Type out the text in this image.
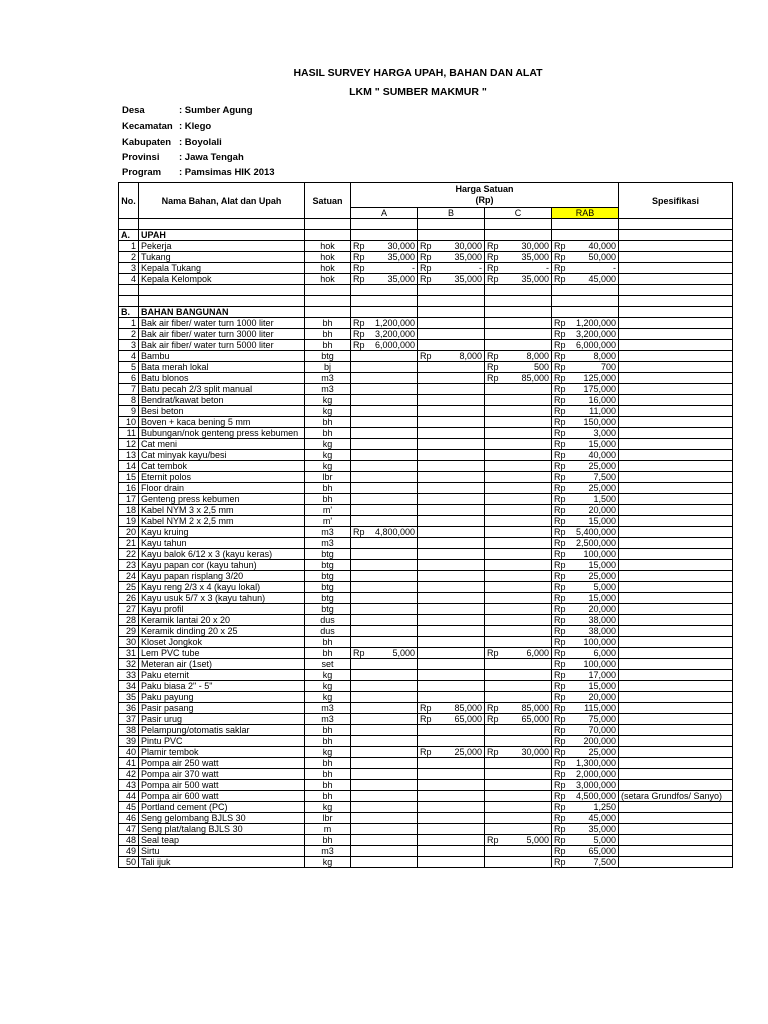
HASIL SURVEY HARGA UPAH, BAHAN DAN ALAT
LKM " SUMBER MAKMUR "
Desa	: Sumber Agung
Kecamatan : Klego
Kabupaten : Boyolali
Provinsi : Jawa Tengah
Program : Pamsimas HIK 2013
No.	Nama Bahan, Alat dan Upah	Satuan	Harga Satuan
(Rp)								Spesifikasi
			A		B		C		RAB		

A.	UPAH										
1	Pekerja	hok	Rp	30,000	Rp	30,000	Rp	30,000	Rp	40,000	
2	Tukang	hok	Rp	35,000	Rp	35,000	Rp	35,000	Rp	50,000	
3	Kepala Tukang	hok	Rp	-	Rp	-	Rp	-	Rp	-	
4	Kepala Kelompok	hok	Rp	35,000	Rp	35,000	Rp	35,000	Rp	45,000	

B.	BAHAN BANGUNAN										
1	Bak air fiber/ water turn 1000 liter	bh	Rp	1,200,000					Rp	1,200,000	
2	Bak air fiber/ water turn 3000 liter	bh	Rp	3,200,000					Rp	3,200,000	
3	Bak air fiber/ water turn 5000 liter	bh	Rp	6,000,000					Rp	6,000,000	
4	Bambu	btg			Rp	8,000	Rp	8,000	Rp	8,000	
5	Bata merah lokal	bj					Rp	500	Rp	700	
6	Batu blonos	m3					Rp	85,000	Rp	125,000	
7	Batu pecah 2/3 split manual	m3							Rp	175,000	
8	Bendrat/kawat beton	kg							Rp	16,000	
9	Besi beton	kg							Rp	11,000	
10	Boven + kaca bening 5 mm	bh							Rp	150,000	
11	Bubungan/nok genteng press kebumen	bh							Rp	3,000	
12	Cat meni	kg							Rp	15,000	
13	Cat minyak kayu/besi	kg							Rp	40,000	
14	Cat tembok	kg							Rp	25,000	
15	Eternit polos	lbr							Rp	7,500	
16	Floor drain	bh							Rp	25,000	
17	Genteng press kebumen	bh							Rp	1,500	
18	Kabel NYM 3 x 2,5 mm	m'							Rp	20,000	
19	Kabel NYM 2 x 2,5 mm	m'							Rp	15,000	
20	Kayu kruing	m3	Rp	4,800,000					Rp	5,400,000	
21	Kayu tahun	m3							Rp	2,500,000	
22	Kayu balok 6/12 x 3 (kayu keras)	btg							Rp	100,000	
23	Kayu papan cor (kayu tahun)	btg							Rp	15,000	
24	Kayu papan risplang 3/20	btg							Rp	25,000	
25	Kayu reng 2/3 x 4 (kayu lokal)	btg							Rp	5,000	
26	Kayu usuk 5/7 x 3 (kayu tahun)	btg							Rp	15,000	
27	Kayu profil	btg							Rp	20,000	
28	Keramik lantai 20 x 20	dus							Rp	38,000	
29	Keramik dinding 20 x 25	dus							Rp	38,000	
30	Kloset Jongkok	bh							Rp	100,000	
31	Lem PVC tube	bh	Rp	5,000			Rp	6,000	Rp	6,000	
32	Meteran air (1set)	set							Rp	100,000	
33	Paku eternit	kg							Rp	17,000	
34	Paku biasa 2" - 5"	kg							Rp	15,000	
35	Paku payung	kg							Rp	20,000	
36	Pasir pasang	m3			Rp	85,000	Rp	85,000	Rp	115,000	
37	Pasir urug	m3			Rp	65,000	Rp	65,000	Rp	75,000	
38	Pelampung/otomatis saklar	bh							Rp	70,000	
39	Pintu PVC	bh							Rp	200,000	
40	Plamir tembok	kg			Rp	25,000	Rp	30,000	Rp	25,000	
41	Pompa air 250 watt	bh							Rp	1,300,000	
42	Pompa air 370 watt	bh							Rp	2,000,000	
43	Pompa air 500 watt	bh							Rp	3,000,000	
44	Pompa air 600 watt	bh							Rp	4,500,000	(setara Grundfos/ Sanyo)
45	Portland cement (PC)	kg							Rp	1,250	
46	Seng gelombang BJLS 30	lbr							Rp	45,000	
47	Seng plat/talang BJLS 30	m							Rp	35,000	
48	Seal teap	bh					Rp	5,000	Rp	5,000	
49	Sirtu	m3							Rp	65,000	
50	Tali ijuk	kg							Rp	7,500	
